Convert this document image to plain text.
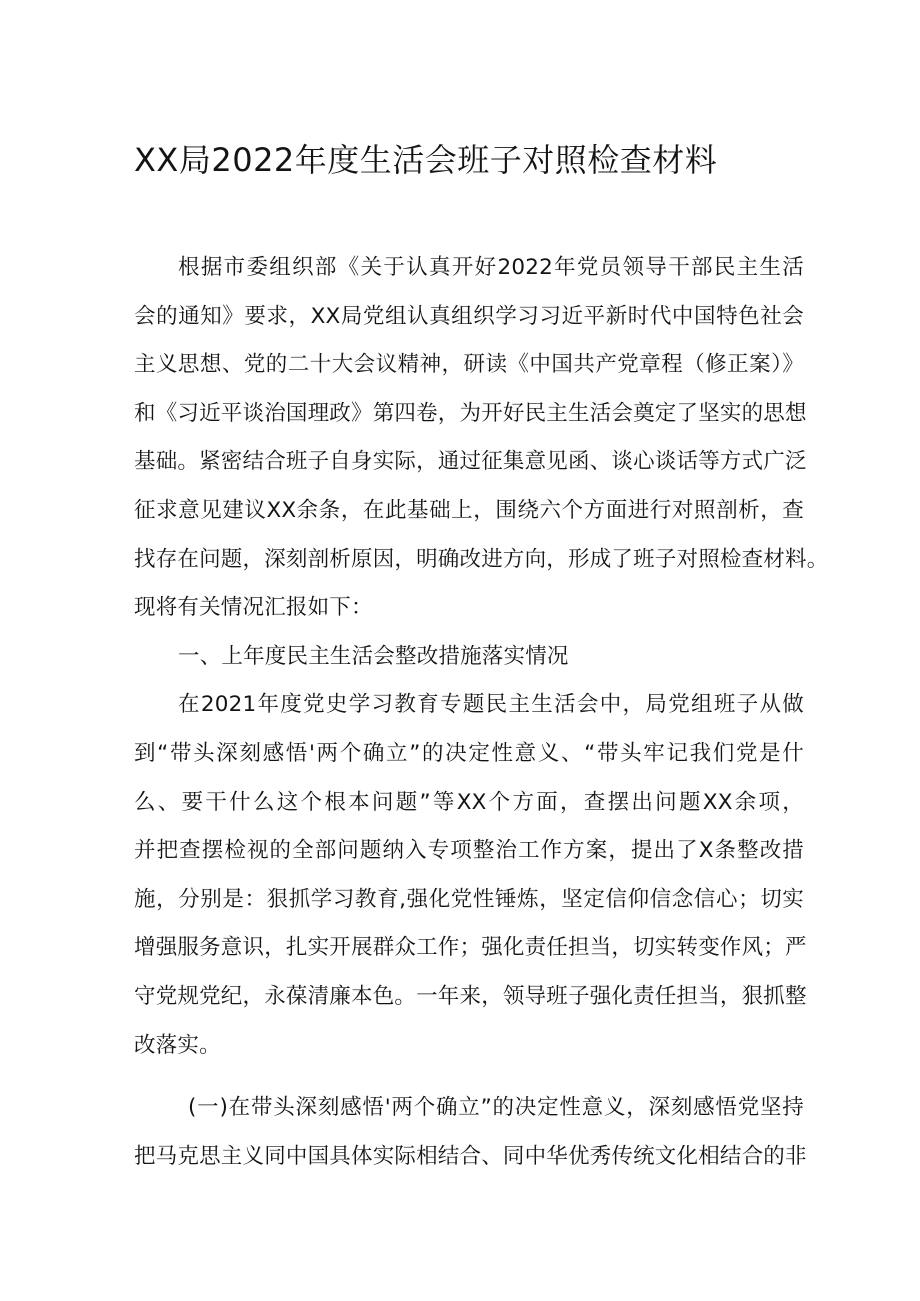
XX局2022年度生活会班子对照检查材料
根据市委组织部《关于认真开好2022年党员领导干部民主生活
会的通知》要求，XX局党组认真组织学习习近平新时代中国特色社会
主义思想、党的二十大会议精神，研读《中国共产党章程（修正案）》
和《习近平谈治国理政》第四卷，为开好民主生活会奠定了坚实的思想
基础。紧密结合班子自身实际，通过征集意见函、谈心谈话等方式广泛
征求意见建议XX余条，在此基础上，围绕六个方面进行对照剖析，查
找存在问题，深刻剖析原因，明确改进方向，形成了班子对照检查材料。
现将有关情况汇报如下：
一、上年度民主生活会整改措施落实情况
在2021年度党史学习教育专题民主生活会中，局党组班子从做
到“带头深刻感悟'两个确立”的决定性意义、“带头牢记我们党是什
么、要干什么这个根本问题”等XX个方面，查摆出问题XX余项，
并把查摆检视的全部问题纳入专项整治工作方案，提出了X条整改措
施，分别是：狠抓学习教育,强化党性锤炼，坚定信仰信念信心；切实
增强服务意识，扎实开展群众工作；强化责任担当，切实转变作风；严
守党规党纪，永葆清廉本色。一年来，领导班子强化责任担当，狠抓整
改落实。
(一)在带头深刻感悟'两个确立”的决定性意义，深刻感悟党坚持
把马克思主义同中国具体实际相结合、同中华优秀传统文化相结合的非
